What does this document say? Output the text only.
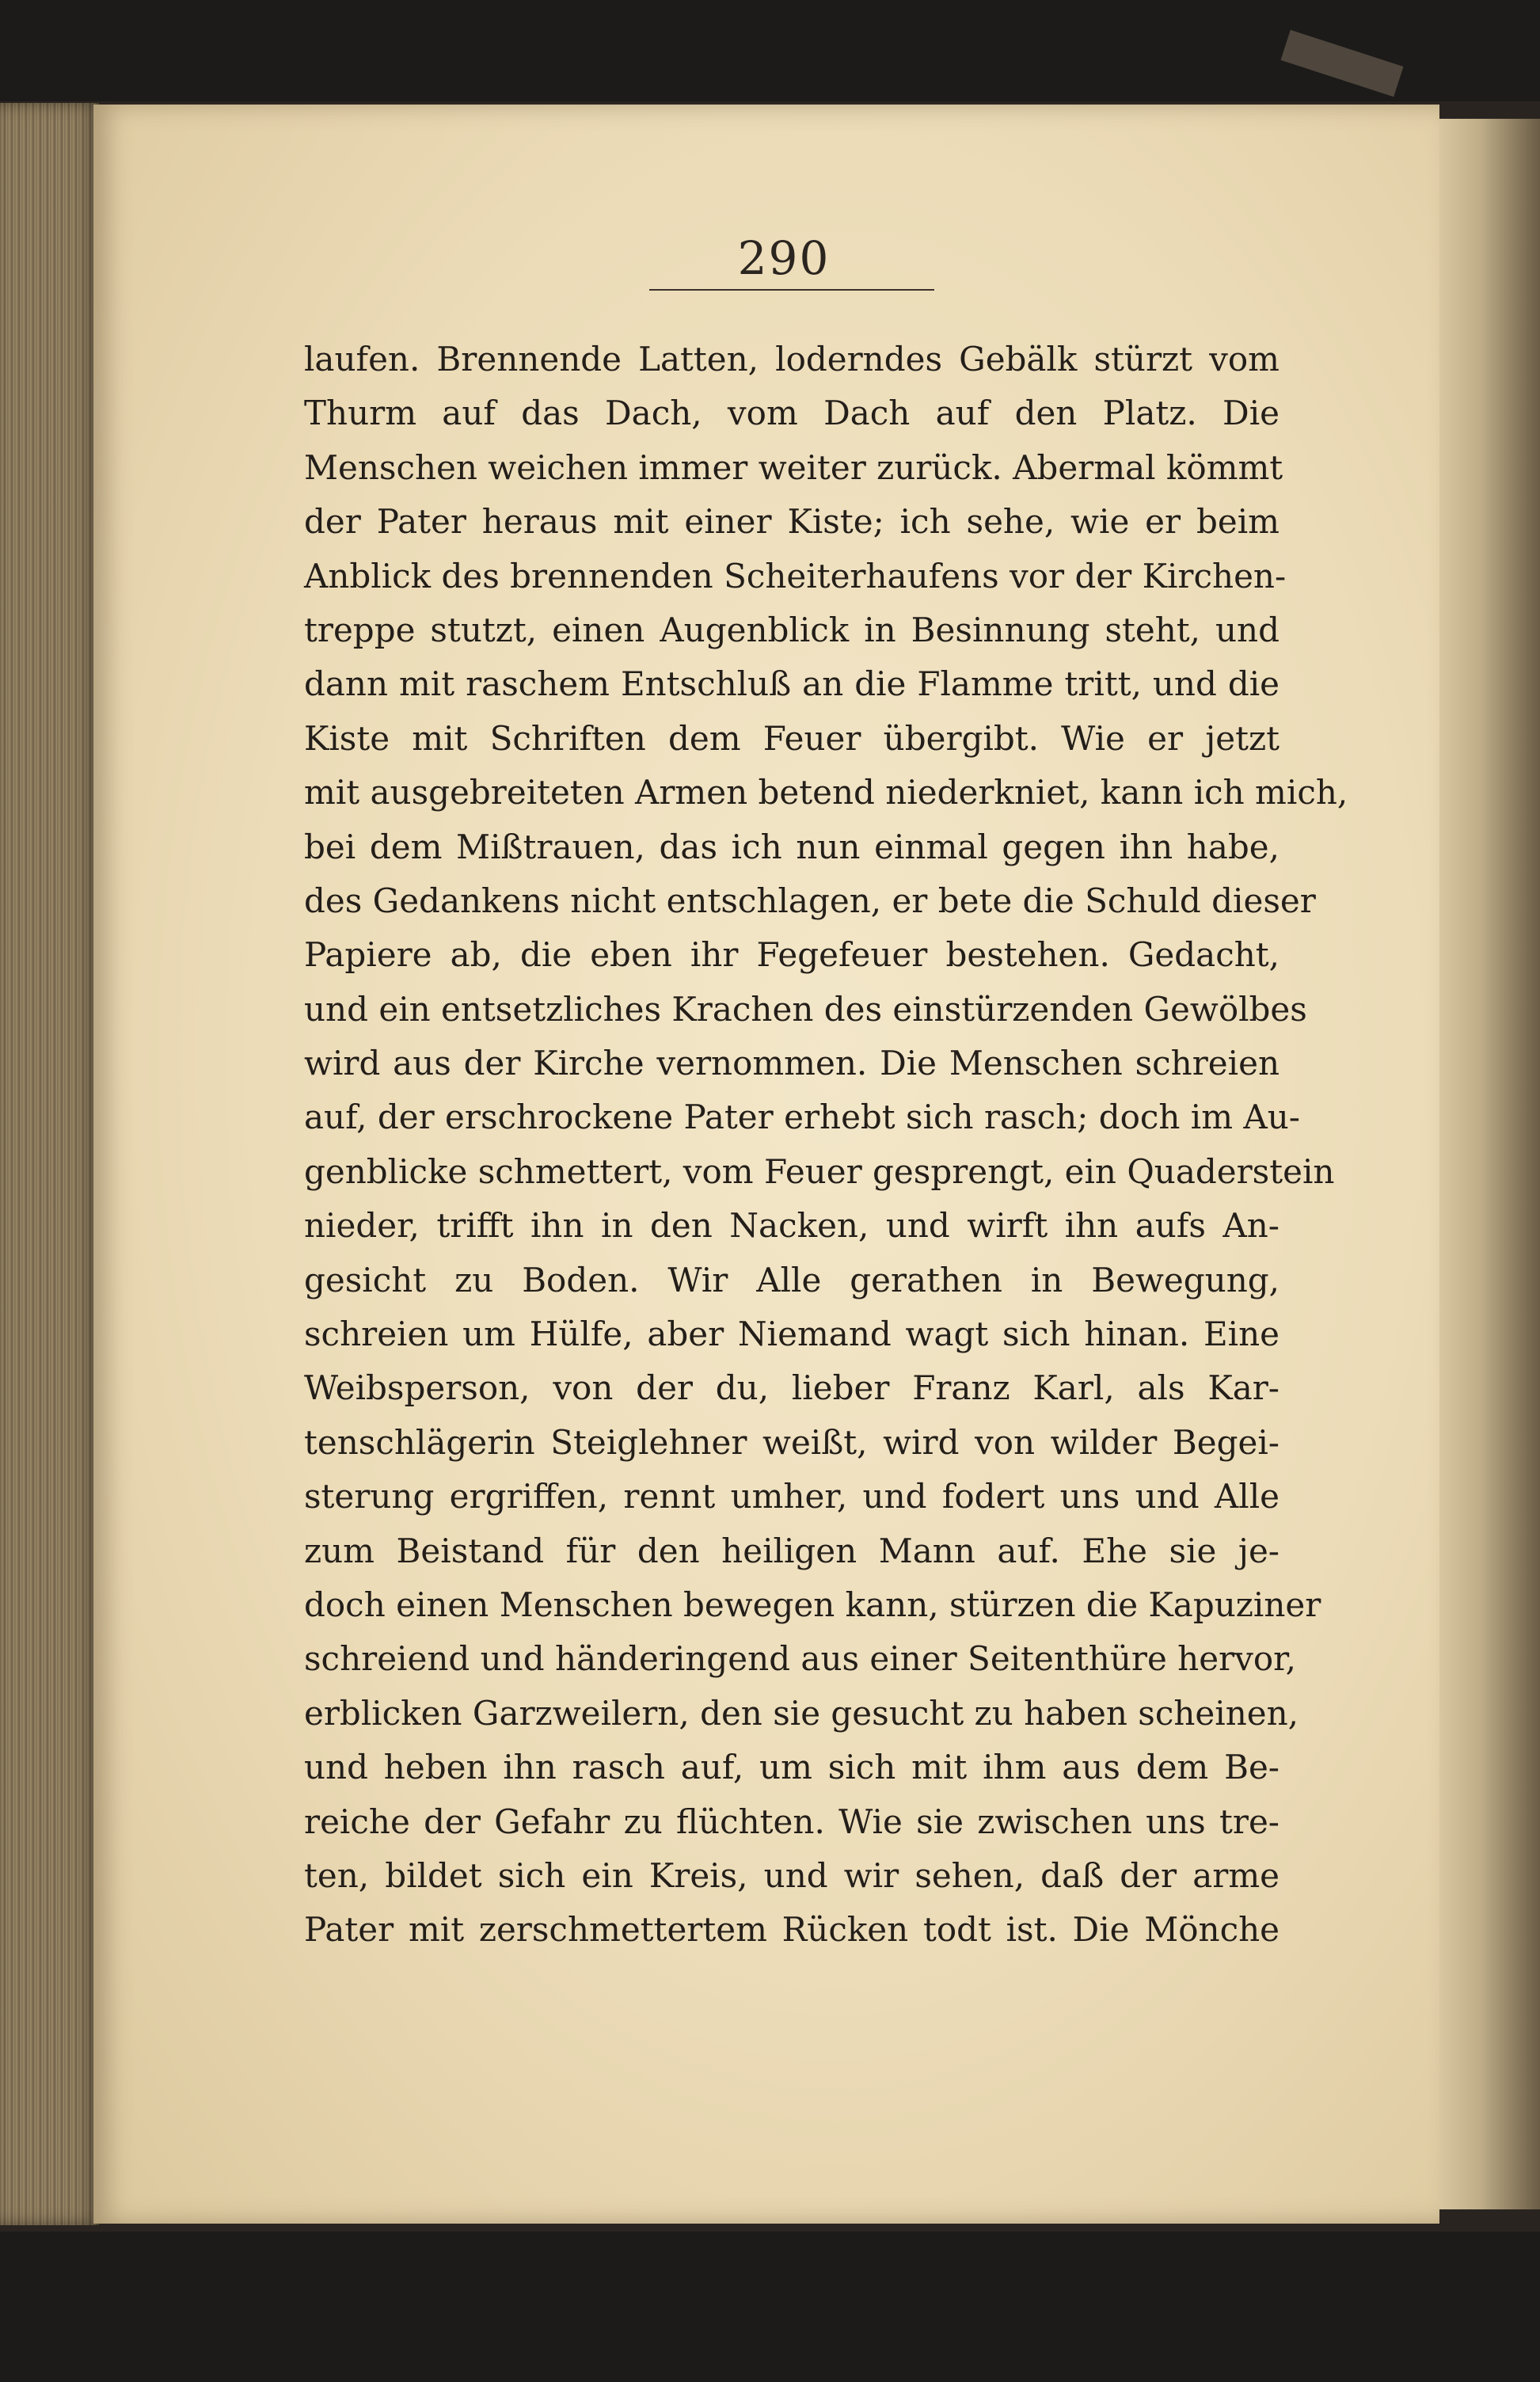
290
laufen. Brennende Latten, loderndes Gebälk stürzt vom
Thurm auf das Dach, vom Dach auf den Platz. Die
Menschen weichen immer weiter zurück. Abermal kömmt
der Pater heraus mit einer Kiste; ich sehe, wie er beim
Anblick des brennenden Scheiterhaufens vor der Kirchen-
treppe stutzt, einen Augenblick in Besinnung steht, und
dann mit raschem Entschluß an die Flamme tritt, und die
Kiste mit Schriften dem Feuer übergibt. Wie er jetzt
mit ausgebreiteten Armen betend niederkniet, kann ich mich,
bei dem Mißtrauen, das ich nun einmal gegen ihn habe,
des Gedankens nicht entschlagen, er bete die Schuld dieser
Papiere ab, die eben ihr Fegefeuer bestehen. Gedacht,
und ein entsetzliches Krachen des einstürzenden Gewölbes
wird aus der Kirche vernommen. Die Menschen schreien
auf, der erschrockene Pater erhebt sich rasch; doch im Au-
genblicke schmettert, vom Feuer gesprengt, ein Quaderstein
nieder, trifft ihn in den Nacken, und wirft ihn aufs An-
gesicht zu Boden. Wir Alle gerathen in Bewegung,
schreien um Hülfe, aber Niemand wagt sich hinan. Eine
Weibsperson, von der du, lieber Franz Karl, als Kar-
tenschlägerin Steiglehner weißt, wird von wilder Begei-
sterung ergriffen, rennt umher, und fodert uns und Alle
zum Beistand für den heiligen Mann auf. Ehe sie je-
doch einen Menschen bewegen kann, stürzen die Kapuziner
schreiend und händeringend aus einer Seitenthüre hervor,
erblicken Garzweilern, den sie gesucht zu haben scheinen,
und heben ihn rasch auf, um sich mit ihm aus dem Be-
reiche der Gefahr zu flüchten. Wie sie zwischen uns tre-
ten, bildet sich ein Kreis, und wir sehen, daß der arme
Pater mit zerschmettertem Rücken todt ist. Die Mönche
